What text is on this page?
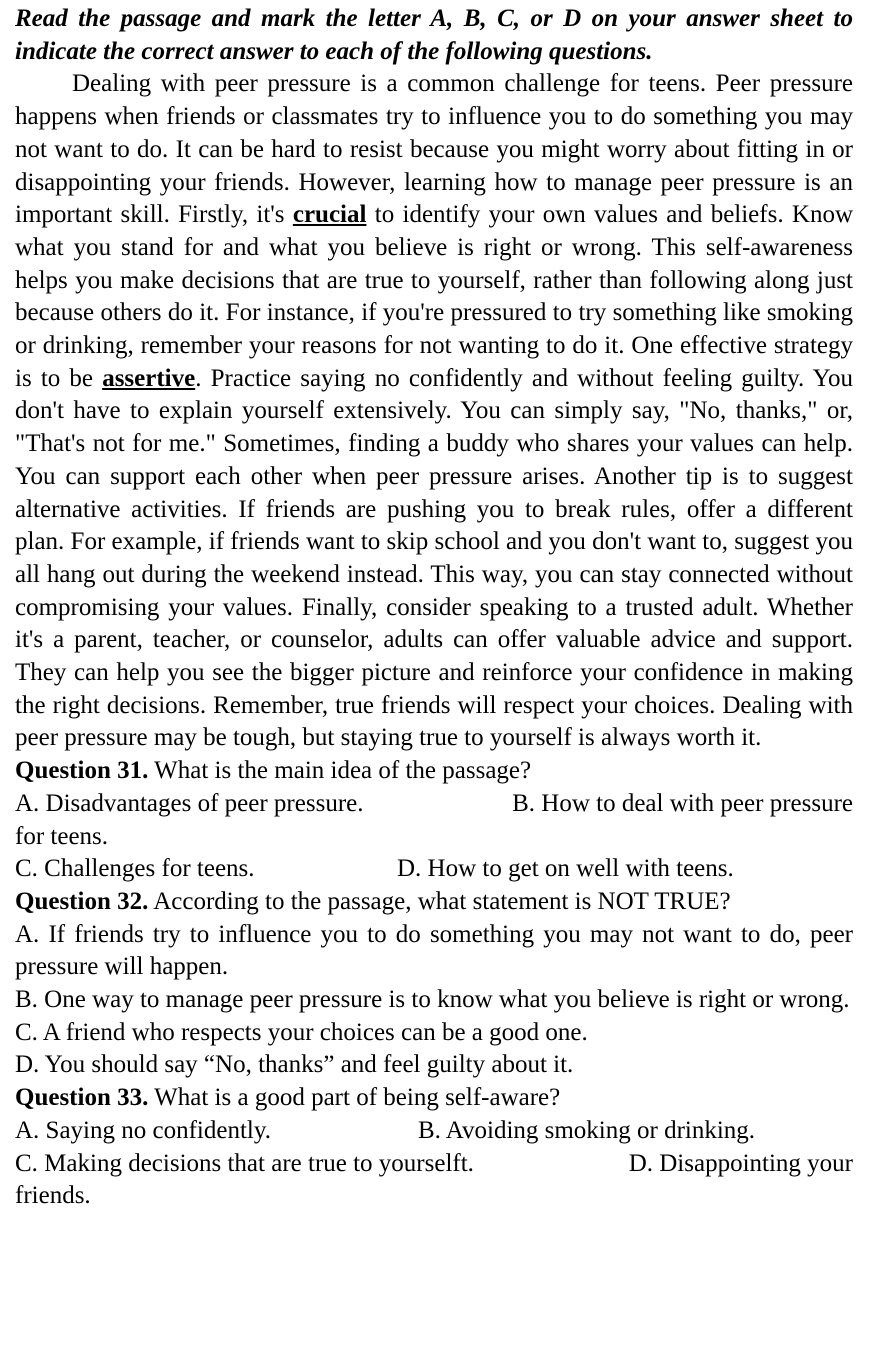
Read the passage and mark the letter A, B, C, or D on your answer sheet to indicate the correct answer to each of the following questions.
Dealing with peer pressure is a common challenge for teens. Peer pressure happens when friends or classmates try to influence you to do something you may not want to do. It can be hard to resist because you might worry about fitting in or disappointing your friends. However, learning how to manage peer pressure is an important skill. Firstly, it's crucial to identify your own values and beliefs. Know what you stand for and what you believe is right or wrong. This self-awareness helps you make decisions that are true to yourself, rather than following along just because others do it. For instance, if you're pressured to try something like smoking or drinking, remember your reasons for not wanting to do it. One effective strategy is to be assertive. Practice saying no confidently and without feeling guilty. You don't have to explain yourself extensively. You can simply say, "No, thanks," or, "That's not for me." Sometimes, finding a buddy who shares your values can help. You can support each other when peer pressure arises. Another tip is to suggest alternative activities. If friends are pushing you to break rules, offer a different plan. For example, if friends want to skip school and you don't want to, suggest you all hang out during the weekend instead. This way, you can stay connected without compromising your values. Finally, consider speaking to a trusted adult. Whether it's a parent, teacher, or counselor, adults can offer valuable advice and support. They can help you see the bigger picture and reinforce your confidence in making the right decisions. Remember, true friends will respect your choices. Dealing with peer pressure may be tough, but staying true to yourself is always worth it.
Question 31. What is the main idea of the passage?
A. Disadvantages of peer pressure.	B. How to deal with peer pressure
for teens.
C. Challenges for teens.	D. How to get on well with teens.
Question 32. According to the passage, what statement is NOT TRUE?
A. If friends try to influence you to do something you may not want to do, peer pressure will happen.
B. One way to manage peer pressure is to know what you believe is right or wrong.
C. A friend who respects your choices can be a good one.
D. You should say “No, thanks” and feel guilty about it.
Question 33. What is a good part of being self-aware?
A. Saying no confidently.	B. Avoiding smoking or drinking.
C. Making decisions that are true to yourselft.	D. Disappointing your
friends.
